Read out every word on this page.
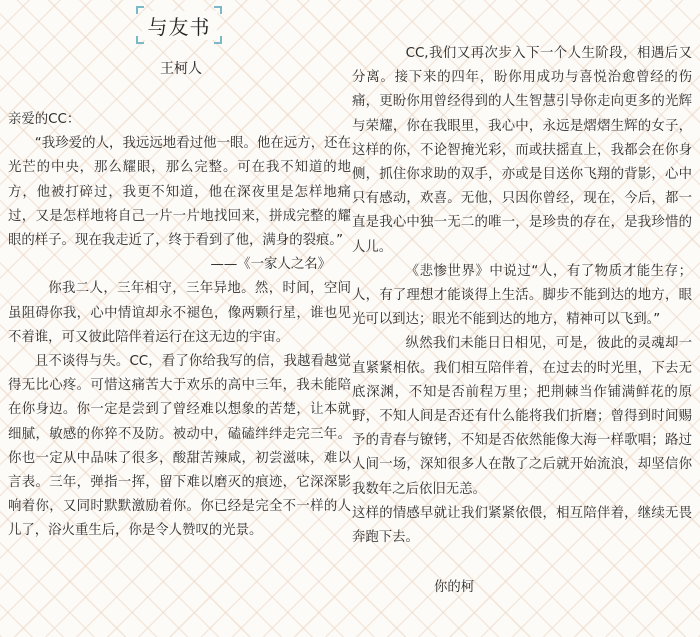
与友书
王柯人

亲爱的CC：

“我珍爱的人，我远远地看过他一眼。他在远方，还在光芒的中央，那么耀眼，那么完整。可在我不知道的地方，他被打碎过，我更不知道，他在深夜里是怎样地痛过，又是怎样地将自己一片一片地找回来，拼成完整的耀眼的样子。现在我走近了，终于看到了他，满身的裂痕。”

——《一家人之名》

你我二人，三年相守，三年异地。然，时间，空间虽阻碍你我，心中情谊却永不褪色，像两颗行星，谁也见不着谁，可又彼此陪伴着运行在这无边的宇宙。

且不谈得与失。CC，看了你给我写的信，我越看越觉得无比心疼。可惜这痛苦大于欢乐的高中三年，我未能陪在你身边。你一定是尝到了曾经难以想象的苦楚，让本就细腻，敏感的你猝不及防。被动中，磕磕绊绊走完三年。你也一定从中品味了很多，酸甜苦辣咸，初尝滋味，难以言表。三年，弹指一挥，留下难以磨灭的痕迹，它深深影响着你，又同时默默激励着你。你已经是完全不一样的人儿了，浴火重生后，你是令人赞叹的光景。

CC,我们又再次步入下一个人生阶段，相遇后又分离。接下来的四年，盼你用成功与喜悦治愈曾经的伤痛，更盼你用曾经得到的人生智慧引导你走向更多的光辉与荣耀，你在我眼里，我心中，永远是熠熠生辉的女子，这样的你，不论智掩光彩，而或扶摇直上，我都会在你身侧，抓住你求助的双手，亦或是目送你飞翔的背影，心中只有感动，欢喜。无他，只因你曾经，现在，今后，都一直是我心中独一无二的唯一，是珍贵的存在，是我珍惜的人儿。

《悲惨世界》中说过“人，有了物质才能生存；人，有了理想才能谈得上生活。脚步不能到达的地方，眼光可以到达；眼光不能到达的地方，精神可以飞到。”

纵然我们未能日日相见，可是，彼此的灵魂却一直紧紧相依。我们相互陪伴着，在过去的时光里，下去无底深渊，不知是否前程万里；把荆棘当作铺满鲜花的原野，不知人间是否还有什么能将我们折磨；曾得到时间赐予的青春与镣铐，不知是否依然能像大海一样歌唱；路过人间一场，深知很多人在散了之后就开始流浪，却坚信你我数年之后依旧无恙。

这样的情感早就让我们紧紧依偎，相互陪伴着，继续无畏奔跑下去。

你的柯
